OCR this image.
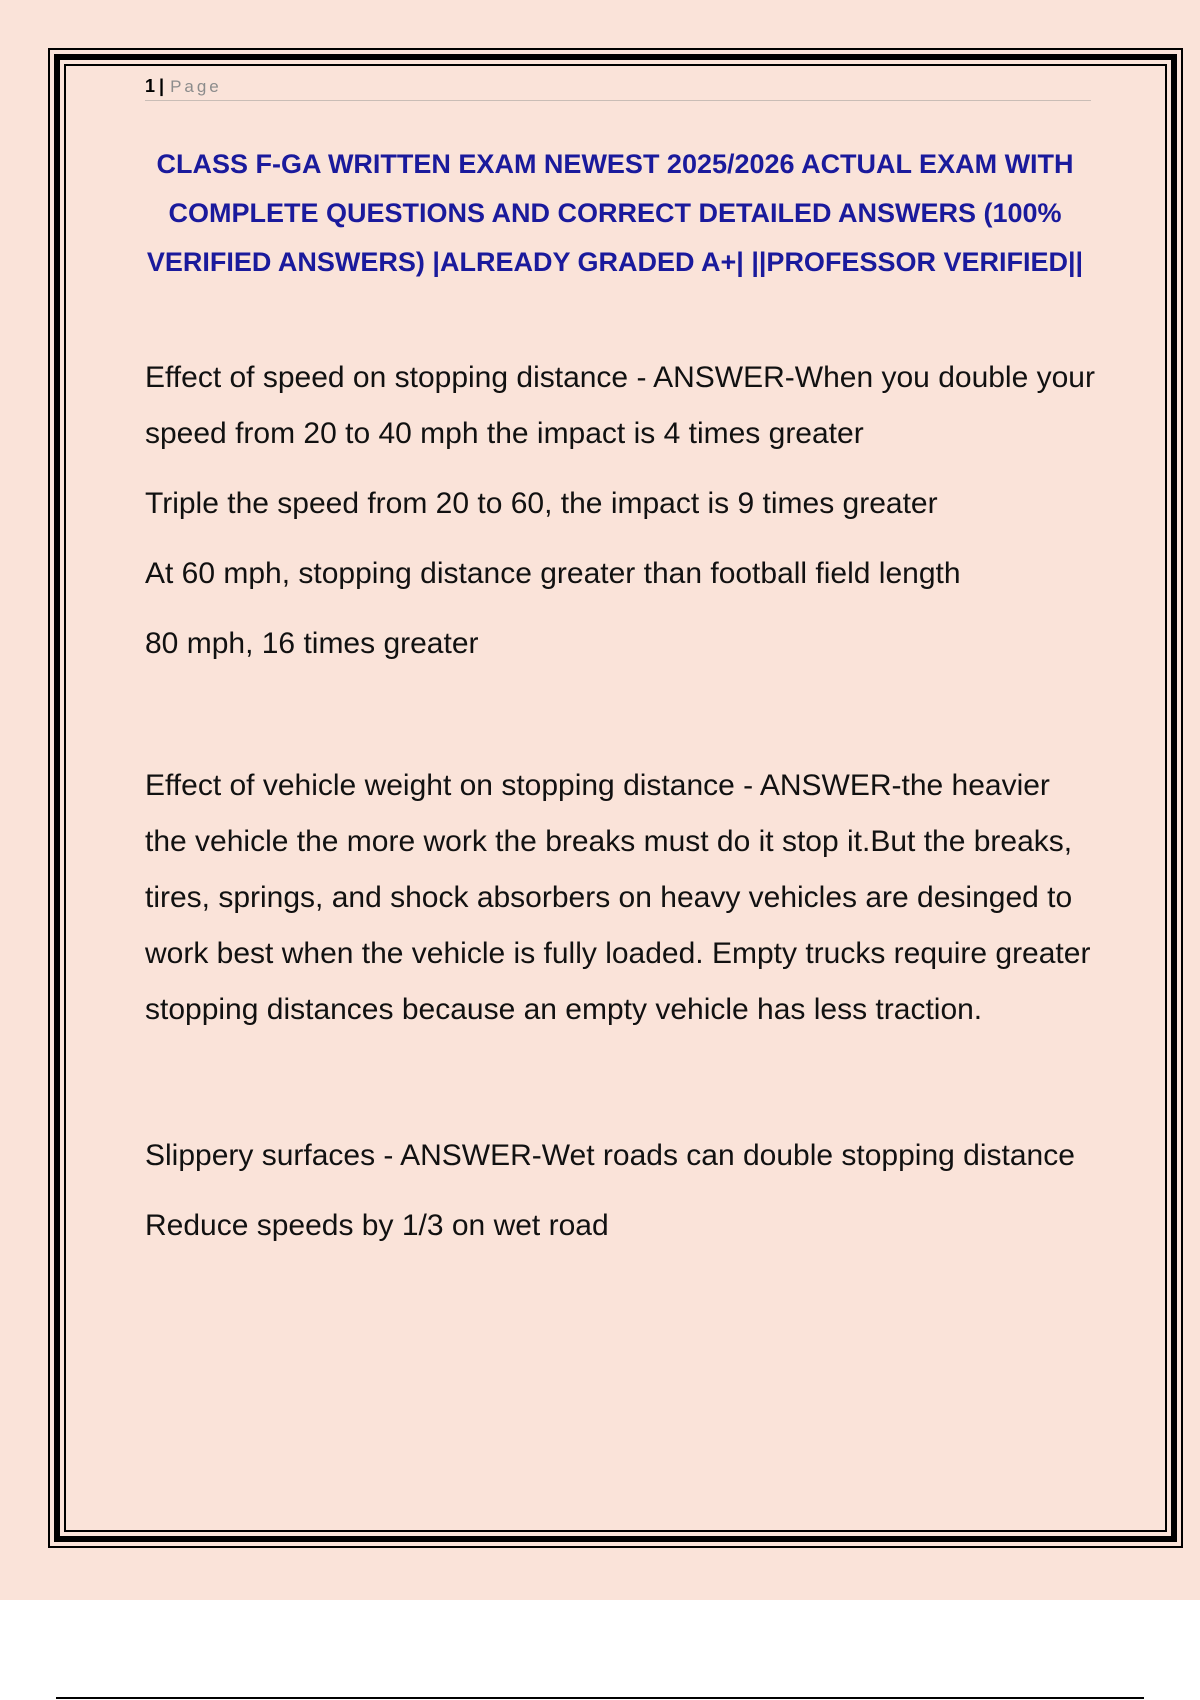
1 | Page
CLASS F-GA WRITTEN EXAM NEWEST 2025/2026 ACTUAL EXAM WITH COMPLETE QUESTIONS AND CORRECT DETAILED ANSWERS (100% VERIFIED ANSWERS) |ALREADY GRADED A+| ||PROFESSOR VERIFIED||

Effect of speed on stopping distance - ANSWER-When you double your speed from 20 to 40 mph the impact is 4 times greater

Triple the speed from 20 to 60, the impact is 9 times greater

At 60 mph, stopping distance greater than football field length

80 mph, 16 times greater

Effect of vehicle weight on stopping distance - ANSWER-the heavier the vehicle the more work the breaks must do it stop it.But the breaks, tires, springs, and shock absorbers on heavy vehicles are desinged to work best when the vehicle is fully loaded. Empty trucks require greater stopping distances because an empty vehicle has less traction.

Slippery surfaces - ANSWER-Wet roads can double stopping distance

Reduce speeds by 1/3 on wet road
